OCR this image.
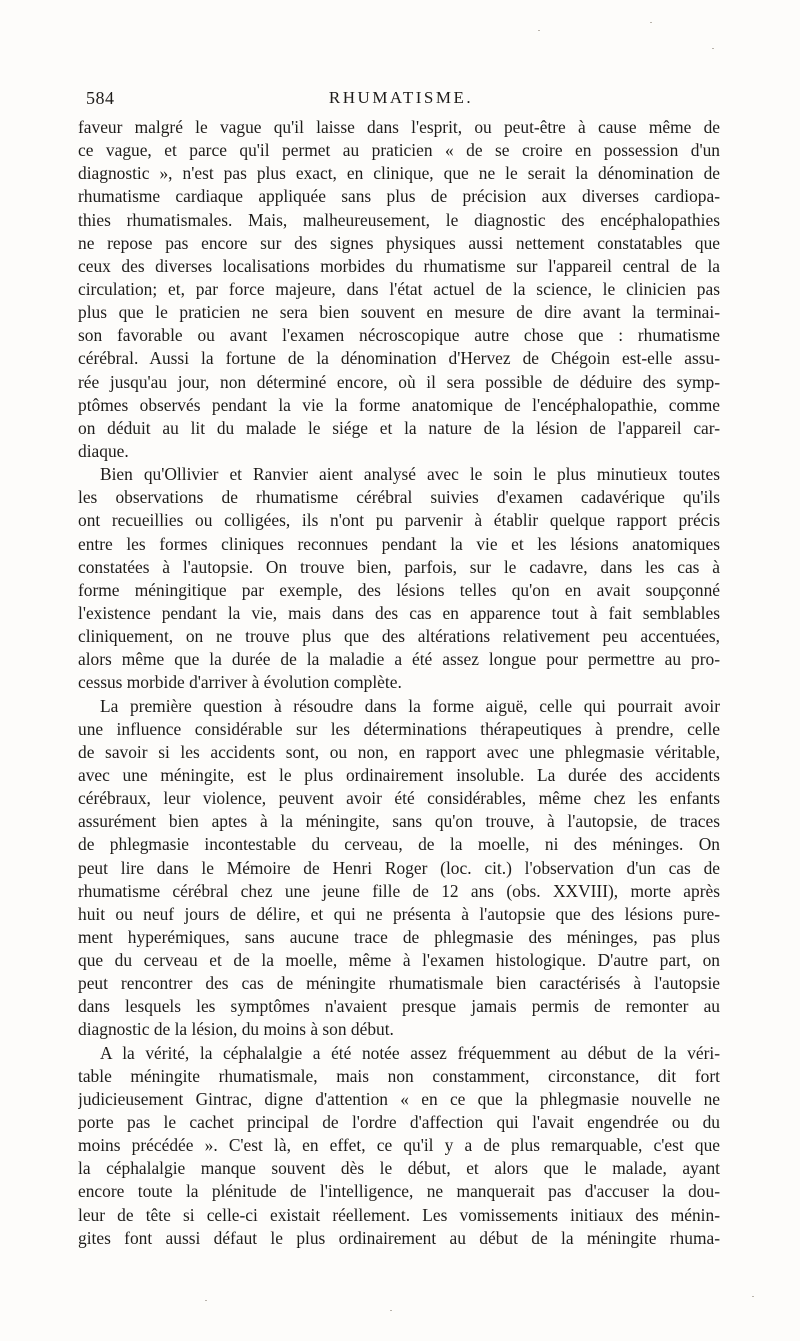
584	RHUMATISME.
faveur malgré le vague qu'il laisse dans l'esprit, ou peut-être à cause même de
ce vague, et parce qu'il permet au praticien « de se croire en possession d'un
diagnostic », n'est pas plus exact, en clinique, que ne le serait la dénomination de
rhumatisme cardiaque appliquée sans plus de précision aux diverses cardiopa-
thies rhumatismales. Mais, malheureusement, le diagnostic des encéphalopathies
ne repose pas encore sur des signes physiques aussi nettement constatables que
ceux des diverses localisations morbides du rhumatisme sur l'appareil central de la
circulation; et, par force majeure, dans l'état actuel de la science, le clinicien pas
plus que le praticien ne sera bien souvent en mesure de dire avant la terminai-
son favorable ou avant l'examen nécroscopique autre chose que : rhumatisme
cérébral. Aussi la fortune de la dénomination d'Hervez de Chégoin est-elle assu-
rée jusqu'au jour, non déterminé encore, où il sera possible de déduire des symp-
ptômes observés pendant la vie la forme anatomique de l'encéphalopathie, comme
on déduit au lit du malade le siége et la nature de la lésion de l'appareil car-
diaque.
Bien qu'Ollivier et Ranvier aient analysé avec le soin le plus minutieux toutes
les observations de rhumatisme cérébral suivies d'examen cadavérique qu'ils
ont recueillies ou colligées, ils n'ont pu parvenir à établir quelque rapport précis
entre les formes cliniques reconnues pendant la vie et les lésions anatomiques
constatées à l'autopsie. On trouve bien, parfois, sur le cadavre, dans les cas à
forme méningitique par exemple, des lésions telles qu'on en avait soupçonné
l'existence pendant la vie, mais dans des cas en apparence tout à fait semblables
cliniquement, on ne trouve plus que des altérations relativement peu accentuées,
alors même que la durée de la maladie a été assez longue pour permettre au pro-
cessus morbide d'arriver à évolution complète.
La première question à résoudre dans la forme aiguë, celle qui pourrait avoir
une influence considérable sur les déterminations thérapeutiques à prendre, celle
de savoir si les accidents sont, ou non, en rapport avec une phlegmasie véritable,
avec une méningite, est le plus ordinairement insoluble. La durée des accidents
cérébraux, leur violence, peuvent avoir été considérables, même chez les enfants
assurément bien aptes à la méningite, sans qu'on trouve, à l'autopsie, de traces
de phlegmasie incontestable du cerveau, de la moelle, ni des méninges. On
peut lire dans le Mémoire de Henri Roger (loc. cit.) l'observation d'un cas de
rhumatisme cérébral chez une jeune fille de 12 ans (obs. XXVIII), morte après
huit ou neuf jours de délire, et qui ne présenta à l'autopsie que des lésions pure-
ment hyperémiques, sans aucune trace de phlegmasie des méninges, pas plus
que du cerveau et de la moelle, même à l'examen histologique. D'autre part, on
peut rencontrer des cas de méningite rhumatismale bien caractérisés à l'autopsie
dans lesquels les symptômes n'avaient presque jamais permis de remonter au
diagnostic de la lésion, du moins à son début.
A la vérité, la céphalalgie a été notée assez fréquemment au début de la véri-
table méningite rhumatismale, mais non constamment, circonstance, dit fort
judicieusement Gintrac, digne d'attention « en ce que la phlegmasie nouvelle ne
porte pas le cachet principal de l'ordre d'affection qui l'avait engendrée ou du
moins précédée ». C'est là, en effet, ce qu'il y a de plus remarquable, c'est que
la céphalalgie manque souvent dès le début, et alors que le malade, ayant
encore toute la plénitude de l'intelligence, ne manquerait pas d'accuser la dou-
leur de tête si celle-ci existait réellement. Les vomissements initiaux des ménin-
gites font aussi défaut le plus ordinairement au début de la méningite rhuma-
